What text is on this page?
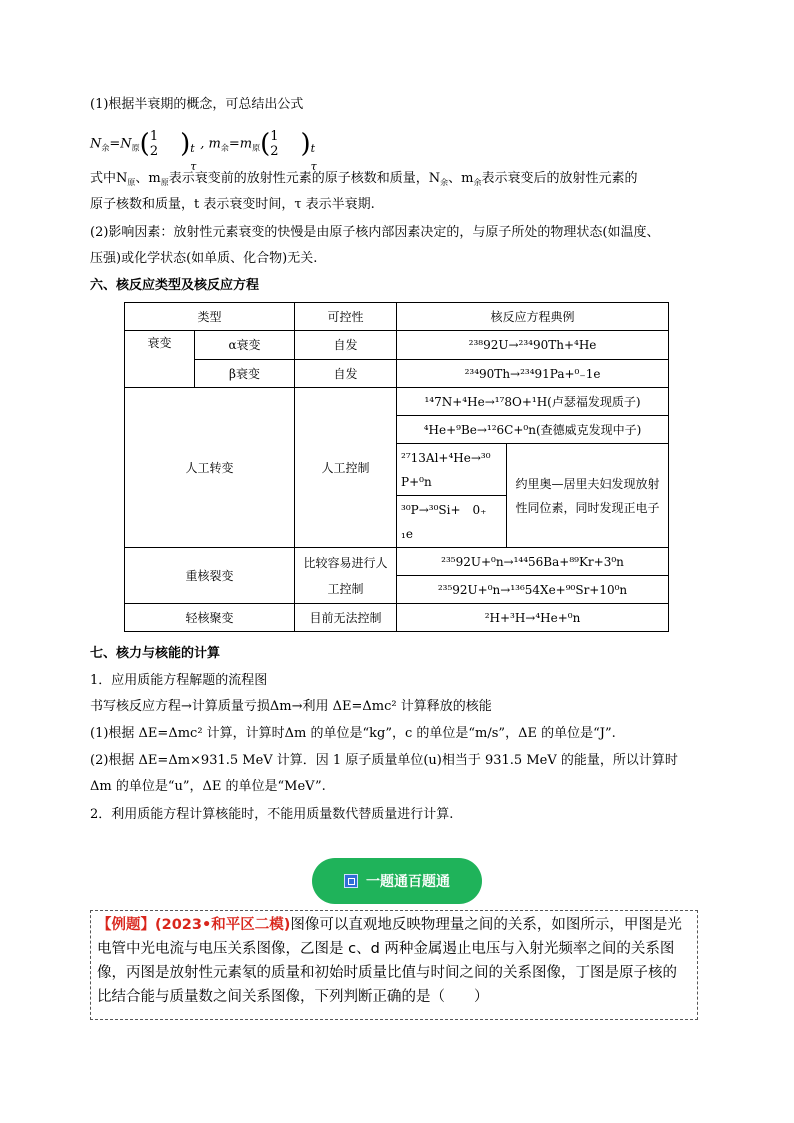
(1)根据半衰期的概念，可总结出公式
$N_余=N_原$( 1
2 ) t
τ
, $m_余=m_原$( 1
2 ) t
τ
式中$N_原$、$m_原$表示衰变前的放射性元素的原子核数和质量，$N_余$、$m_余$表示衰变后的放射性元素的
原子核数和质量，t 表示衰变时间，τ 表示半衰期.
(2)影响因素：放射性元素衰变的快慢是由原子核内部因素决定的，与原子所处的物理状态(如温度、
压强)或化学状态(如单质、化合物)无关.
六、核反应类型及核反应方程
类型		可控性	核反应方程典例	
衰变	α衰变	自发	²³⁸92U→²³⁴90Th+⁴He	
	β衰变	自发	²³⁴90Th→²³⁴91Pa+⁰₋1e	
人工转变		人工控制	¹⁴7N+⁴He→¹⁷8O+¹H(卢瑟福发现质子)	
			⁴He+⁹Be→¹²6C+⁰n(查德威克发现中子)	

			²⁷13Al+⁴He→³⁰
P+⁰n	约里奥—居里夫妇发现放射性同位素，同时发现正电子

			³⁰P→³⁰Si+　0₊
₁e	

重核裂变		比较容易进行人工控制	²³⁵92U+⁰n→¹⁴⁴56Ba+⁸⁹Kr+3⁰n	
			²³⁵92U+⁰n→¹³⁶54Xe+⁹⁰Sr+10⁰n	
轻核聚变		目前无法控制	²H+³H→⁴He+⁰n	
七、核力与核能的计算
1．应用质能方程解题的流程图
书写核反应方程→计算质量亏损Δm→利用 ΔE=Δmc² 计算释放的核能
(1)根据 ΔE=Δmc² 计算，计算时Δm 的单位是“kg”，c 的单位是“m/s”，ΔE 的单位是“J”.
(2)根据 ΔE=Δm×931.5 MeV 计算．因 1 原子质量单位(u)相当于 931.5 MeV 的能量，所以计算时
Δm 的单位是“u”，ΔE 的单位是“MeV”.
2．利用质能方程计算核能时，不能用质量数代替质量进行计算.
一题通百题通
【例题】(2023•和平区二模)图像可以直观地反映物理量之间的关系，如图所示，甲图是光电管中光电流与电压关系图像，乙图是 c、d 两种金属遏止电压与入射光频率之间的关系图像，丙图是放射性元素氡的质量和初始时质量比值与时间之间的关系图像，丁图是原子核的比结合能与质量数之间关系图像，下列判断正确的是（　　）
